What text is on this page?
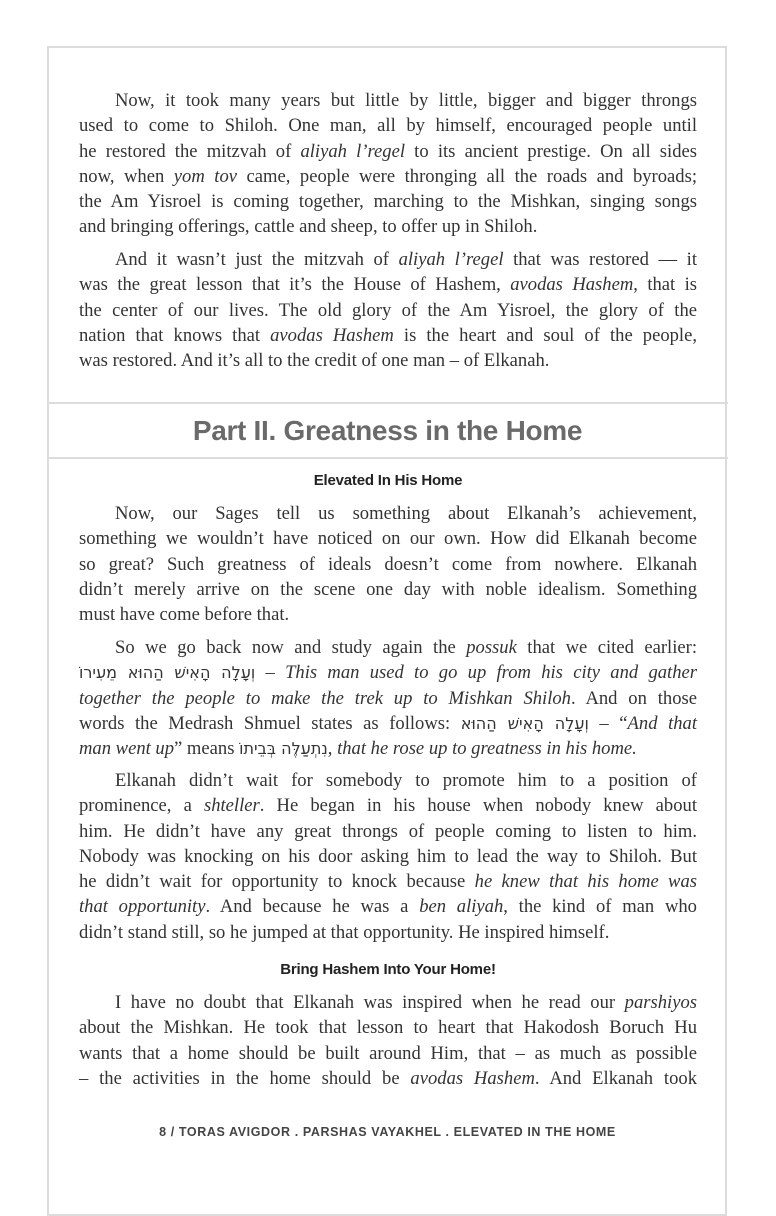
Now, it took many years but little by little, bigger and bigger throngs
used to come to Shiloh. One man, all by himself, encouraged people until
he restored the mitzvah of aliyah l’regel to its ancient prestige. On all sides
now, when yom tov came, people were thronging all the roads and byroads;
the Am Yisroel is coming together, marching to the Mishkan, singing songs
and bringing offerings, cattle and sheep, to offer up in Shiloh.
And it wasn’t just the mitzvah of aliyah l’regel that was restored — it
was the great lesson that it’s the House of Hashem, avodas Hashem, that is
the center of our lives. The old glory of the Am Yisroel, the glory of the
nation that knows that avodas Hashem is the heart and soul of the people,
was restored. And it’s all to the credit of one man – of Elkanah.
Part II. Greatness in the Home
Elevated In His Home
Now, our Sages tell us something about Elkanah’s achievement,
something we wouldn’t have noticed on our own. How did Elkanah become
so great? Such greatness of ideals doesn’t come from nowhere. Elkanah
didn’t merely arrive on the scene one day with noble idealism. Something
must have come before that.
So we go back now and study again the possuk that we cited earlier:
וְעָלָה הָאִישׁ הַהוּא מֵעִירוֹ – This man used to go up from his city and gather
together the people to make the trek up to Mishkan Shiloh. And on those
words the Medrash Shmuel states as follows: וְעָלָה הָאִישׁ הַהוּא – “And that
man went up” means נִתְעַלֶּה בְּבֵיתוֹ, that he rose up to greatness in his home.
Elkanah didn’t wait for somebody to promote him to a position of
prominence, a shteller. He began in his house when nobody knew about
him. He didn’t have any great throngs of people coming to listen to him.
Nobody was knocking on his door asking him to lead the way to Shiloh. But
he didn’t wait for opportunity to knock because he knew that his home was
that opportunity. And because he was a ben aliyah, the kind of man who
didn’t stand still, so he jumped at that opportunity. He inspired himself.
Bring Hashem Into Your Home!
I have no doubt that Elkanah was inspired when he read our parshiyos
about the Mishkan. He took that lesson to heart that Hakodosh Boruch Hu
wants that a home should be built around Him, that – as much as possible
– the activities in the home should be avodas Hashem. And Elkanah took
8 / TORAS AVIGDOR . PARSHAS VAYAKHEL . ELEVATED IN THE HOME
